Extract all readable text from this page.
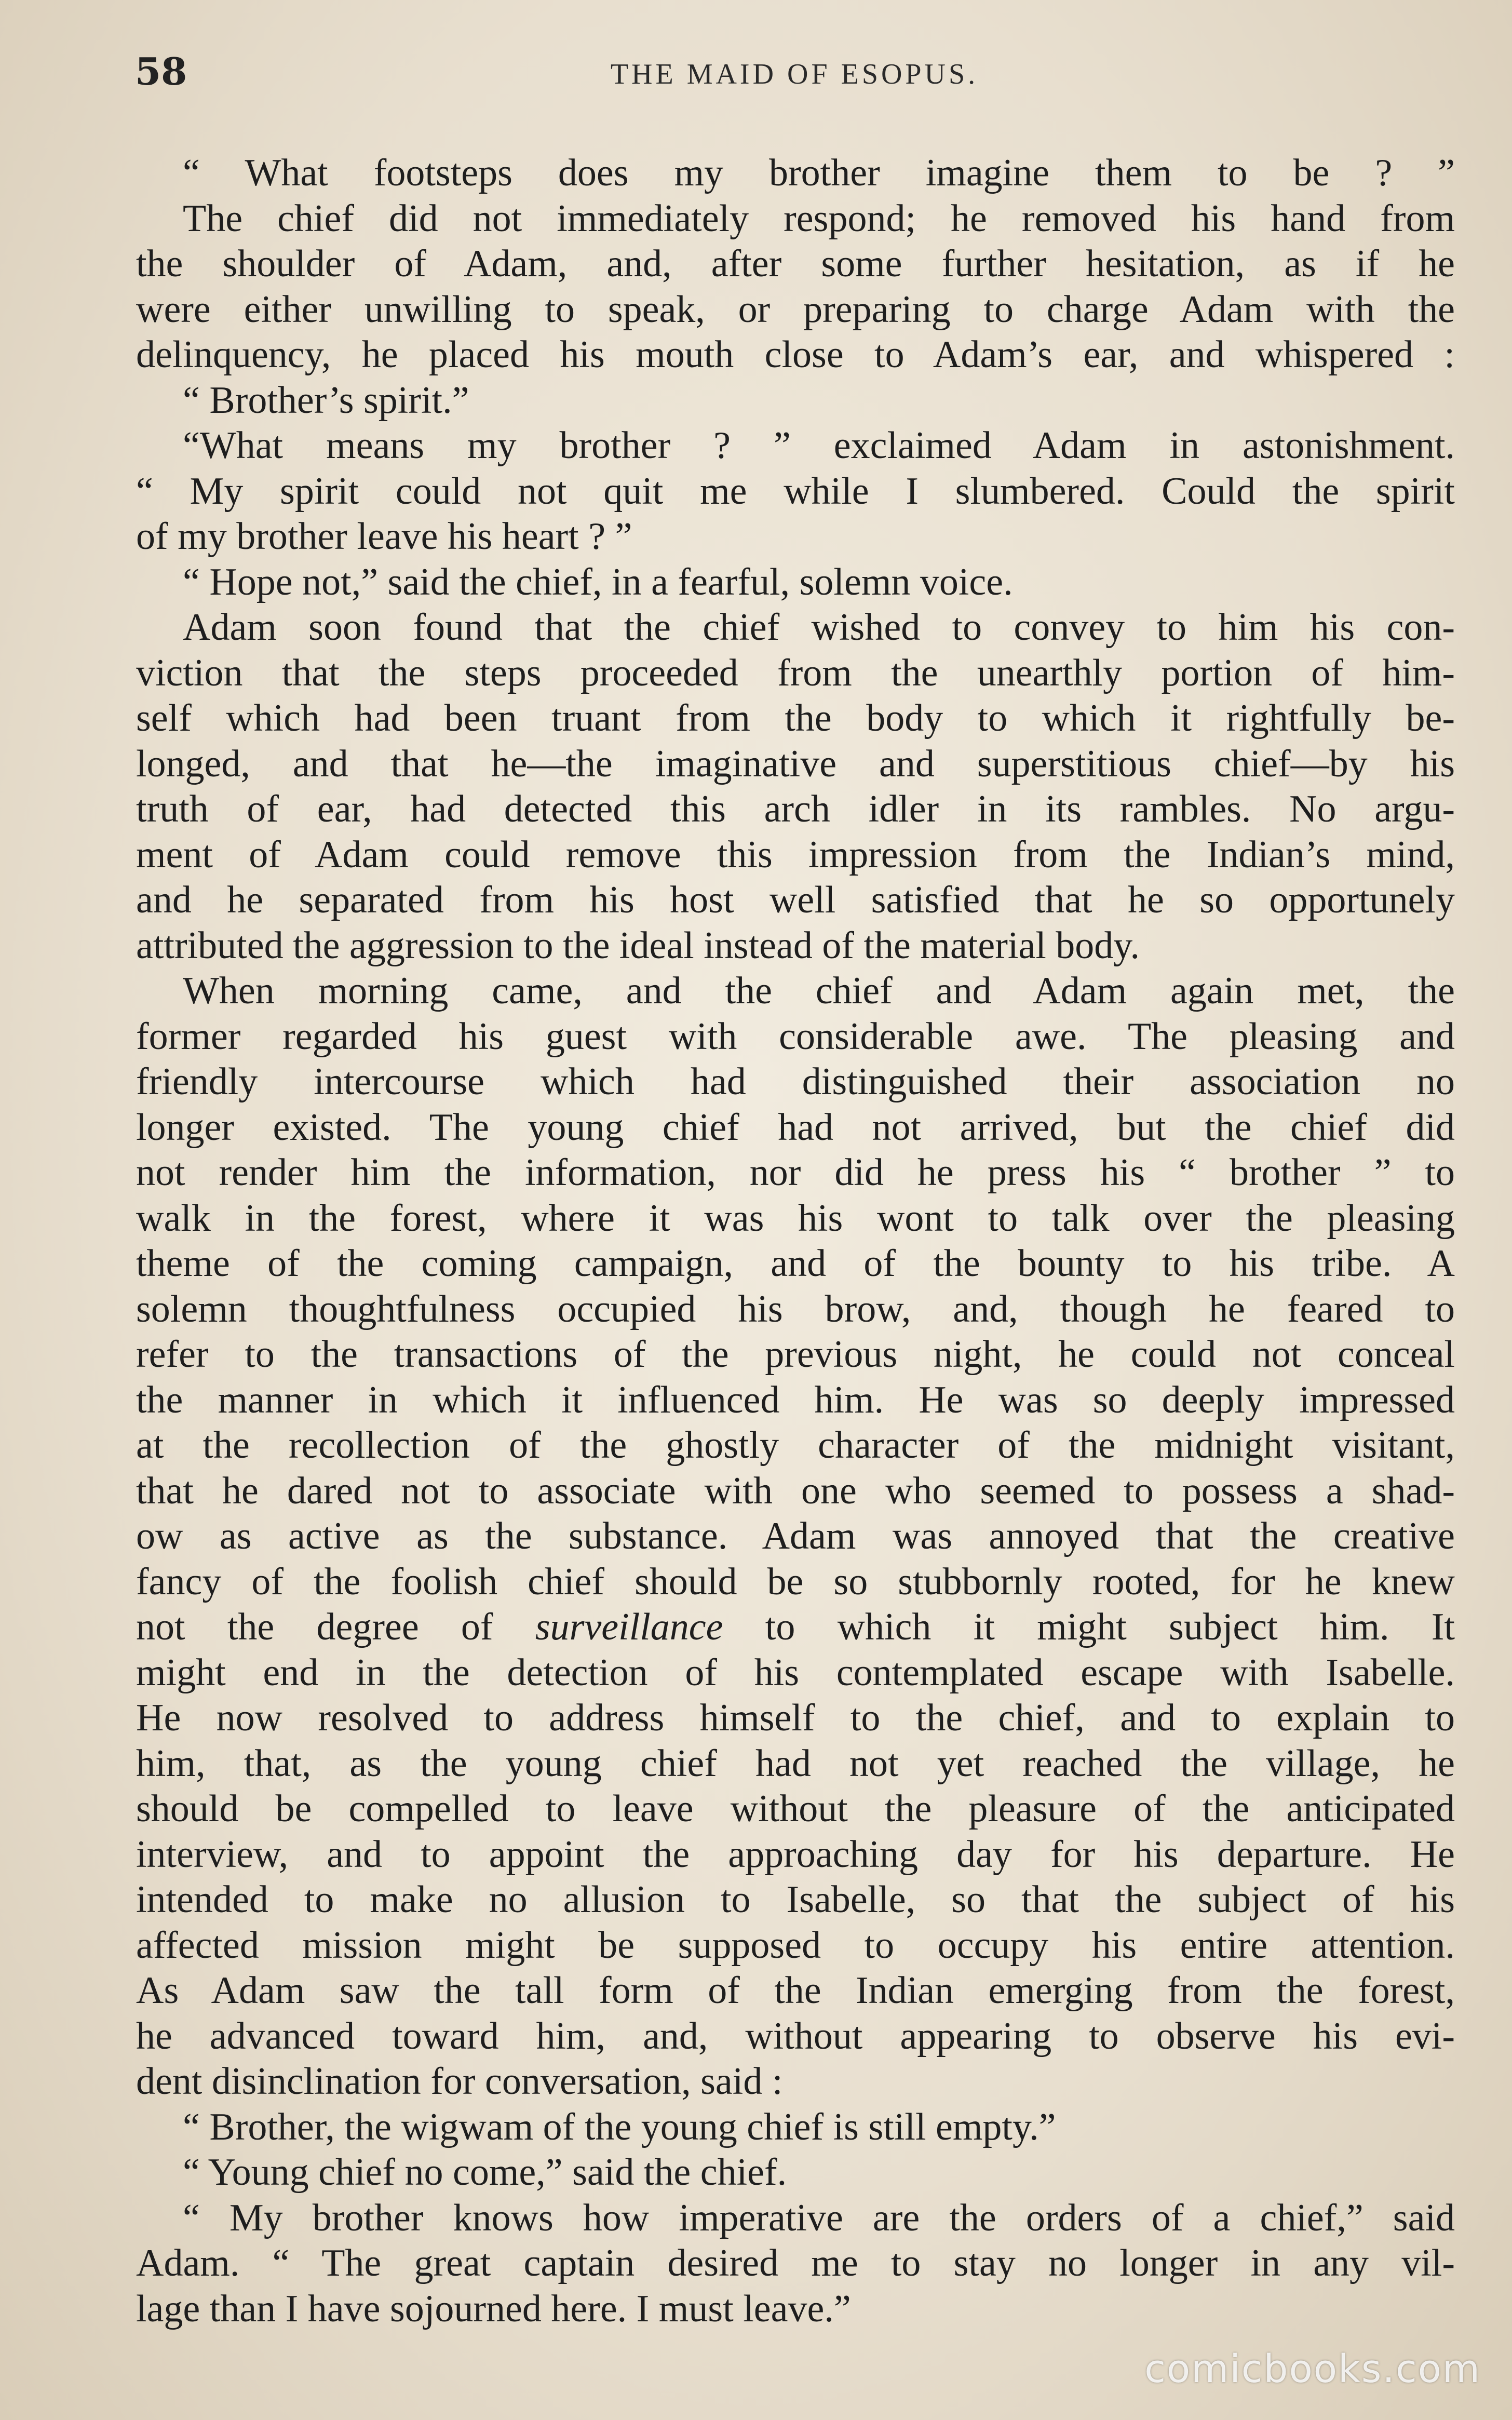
58	THE MAID OF ESOPUS.
“ What footsteps does my brother imagine them to be ? ”
The chief did not immediately respond; he removed his hand from
the shoulder of Adam, and, after some further hesitation, as if he
were either unwilling to speak, or preparing to charge Adam with the
delinquency, he placed his mouth close to Adam’s ear, and whispered :
“ Brother’s spirit.”
“What means my brother ? ” exclaimed Adam in astonishment.
“ My spirit could not quit me while I slumbered. Could the spirit
of my brother leave his heart ? ”
“ Hope not,” said the chief, in a fearful, solemn voice.
Adam soon found that the chief wished to convey to him his con-
viction that the steps proceeded from the unearthly portion of him-
self which had been truant from the body to which it rightfully be-
longed, and that he—the imaginative and superstitious chief—by his
truth of ear, had detected this arch idler in its rambles. No argu-
ment of Adam could remove this impression from the Indian’s mind,
and he separated from his host well satisfied that he so opportunely
attributed the aggression to the ideal instead of the material body.
When morning came, and the chief and Adam again met, the
former regarded his guest with considerable awe. The pleasing and
friendly intercourse which had distinguished their association no
longer existed. The young chief had not arrived, but the chief did
not render him the information, nor did he press his “ brother ” to
walk in the forest, where it was his wont to talk over the pleasing
theme of the coming campaign, and of the bounty to his tribe. A
solemn thoughtfulness occupied his brow, and, though he feared to
refer to the transactions of the previous night, he could not conceal
the manner in which it influenced him. He was so deeply impressed
at the recollection of the ghostly character of the midnight visitant,
that he dared not to associate with one who seemed to possess a shad-
ow as active as the substance. Adam was annoyed that the creative
fancy of the foolish chief should be so stubbornly rooted, for he knew
not the degree of surveillance to which it might subject him. It
might end in the detection of his contemplated escape with Isabelle.
He now resolved to address himself to the chief, and to explain to
him, that, as the young chief had not yet reached the village, he
should be compelled to leave without the pleasure of the anticipated
interview, and to appoint the approaching day for his departure. He
intended to make no allusion to Isabelle, so that the subject of his
affected mission might be supposed to occupy his entire attention.
As Adam saw the tall form of the Indian emerging from the forest,
he advanced toward him, and, without appearing to observe his evi-
dent disinclination for conversation, said :
“ Brother, the wigwam of the young chief is still empty.”
“ Young chief no come,” said the chief.
“ My brother knows how imperative are the orders of a chief,” said
Adam. “ The great captain desired me to stay no longer in any vil-
lage than I have sojourned here. I must leave.”
comicbooks.com
